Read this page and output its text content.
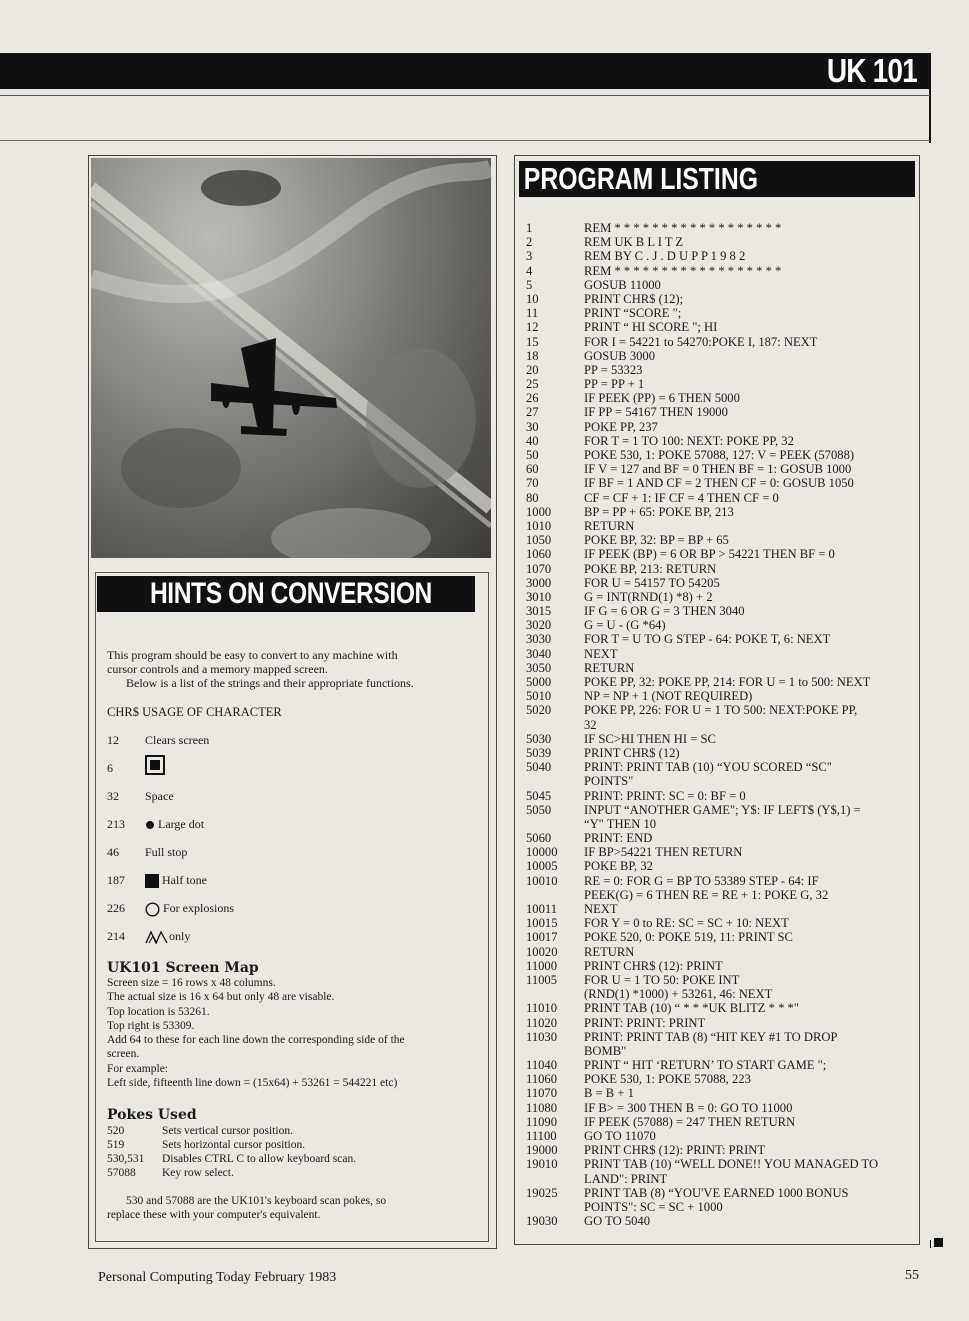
UK 101
HINTS ON CONVERSION

This program should be easy to convert to any machine with

cursor controls and a memory mapped screen.

Below is a list of the strings and their appropriate functions.

CHR$ USAGE OF CHARACTER
12	Clears screen
6
32	Space
213	Large dot
46	Full stop
187	Half tone
226	For explosions
214	only
UK101 Screen Map
Screen size = 16 rows x 48 columns.
The actual size is 16 x 64 but only 48 are visable.
Top location is 53261.
Top right is 53309.
Add 64 to these for each line down the corresponding side of the
screen.
For example:
Left side, fifteenth line down = (15x64) + 53261 = 544221 etc)
Pokes Used
520	Sets vertical cursor position.
519	Sets horizontal cursor position.
530,531 Disables CTRL C to allow keyboard scan.
57088 Key row select.
530 and 57088 are the UK101's keyboard scan pokes, so
replace these with your computer's equivalent.
PROGRAM LISTING
1	REM * * * * * * * * * * * * * * * * * *
2	REM UK B L I T Z
3	REM BY C . J . D U P P 1 9 8 2
4	REM * * * * * * * * * * * * * * * * * *
5	GOSUB 11000
10	PRINT CHR$ (12);
11	PRINT “SCORE ";
12	PRINT “ HI SCORE "; HI
15	FOR I = 54221 to 54270:POKE I, 187: NEXT
18	GOSUB 3000
20	PP = 53323
25	PP = PP + 1
26	IF PEEK (PP) = 6 THEN 5000
27	IF PP = 54167 THEN 19000
30	POKE PP, 237
40	FOR T = 1 TO 100: NEXT: POKE PP, 32
50	POKE 530, 1: POKE 57088, 127: V = PEEK (57088)
60	IF V = 127 and BF = 0 THEN BF = 1: GOSUB 1000
70	IF BF = 1 AND CF = 2 THEN CF = 0: GOSUB 1050
80	CF = CF + 1: IF CF = 4 THEN CF = 0
1000	BP = PP + 65: POKE BP, 213
1010	RETURN
1050	POKE BP, 32: BP = BP + 65
1060	IF PEEK (BP) = 6 OR BP > 54221 THEN BF = 0
1070	POKE BP, 213: RETURN
3000	FOR U = 54157 TO 54205
3010	G = INT(RND(1) *8) + 2
3015	IF G = 6 OR G = 3 THEN 3040
3020	G = U - (G *64)
3030	FOR T = U TO G STEP - 64: POKE T, 6: NEXT
3040	NEXT
3050	RETURN
5000	POKE PP, 32: POKE PP, 214: FOR U = 1 to 500: NEXT
5010	NP = NP + 1 (NOT REQUIRED)
5020	POKE PP, 226: FOR U = 1 TO 500: NEXT:POKE PP,
32
5030	IF SC>HI THEN HI = SC
5039	PRINT CHR$ (12)
5040	PRINT: PRINT TAB (10) “YOU SCORED “SC"
POINTS"
5045	PRINT: PRINT: SC = 0: BF = 0
5050	INPUT “ANOTHER GAME"; Y$: IF LEFT$ (Y$,1) =
“Y" THEN 10
5060	PRINT: END
10000	IF BP>54221 THEN RETURN
10005	POKE BP, 32
10010	RE = 0: FOR G = BP TO 53389 STEP - 64: IF
PEEK(G) = 6 THEN RE = RE + 1: POKE G, 32
10011	NEXT
10015	FOR Y = 0 to RE: SC = SC + 10: NEXT
10017	POKE 520, 0: POKE 519, 11: PRINT SC
10020	RETURN
11000	PRINT CHR$ (12): PRINT
11005	FOR U = 1 TO 50: POKE INT
(RND(1) *1000) + 53261, 46: NEXT
11010	PRINT TAB (10) “ * * *UK BLITZ * * *"
11020	PRINT: PRINT: PRINT
11030	PRINT: PRINT TAB (8) “HIT KEY #1 TO DROP
BOMB"
11040	PRINT “ HIT ‘RETURN’ TO START GAME ";
11060	POKE 530, 1: POKE 57088, 223
11070	B = B + 1
11080	IF B> = 300 THEN B = 0: GO TO 11000
11090	IF PEEK (57088) = 247 THEN RETURN
11100	GO TO 11070
19000	PRINT CHR$ (12): PRINT: PRINT
19010	PRINT TAB (10) “WELL DONE!! YOU MANAGED TO
LAND": PRINT
19025	PRINT TAB (8) “YOU'VE EARNED 1000 BONUS
POINTS": SC = SC + 1000
19030	GO TO 5040
Personal Computing Today February 1983	55
